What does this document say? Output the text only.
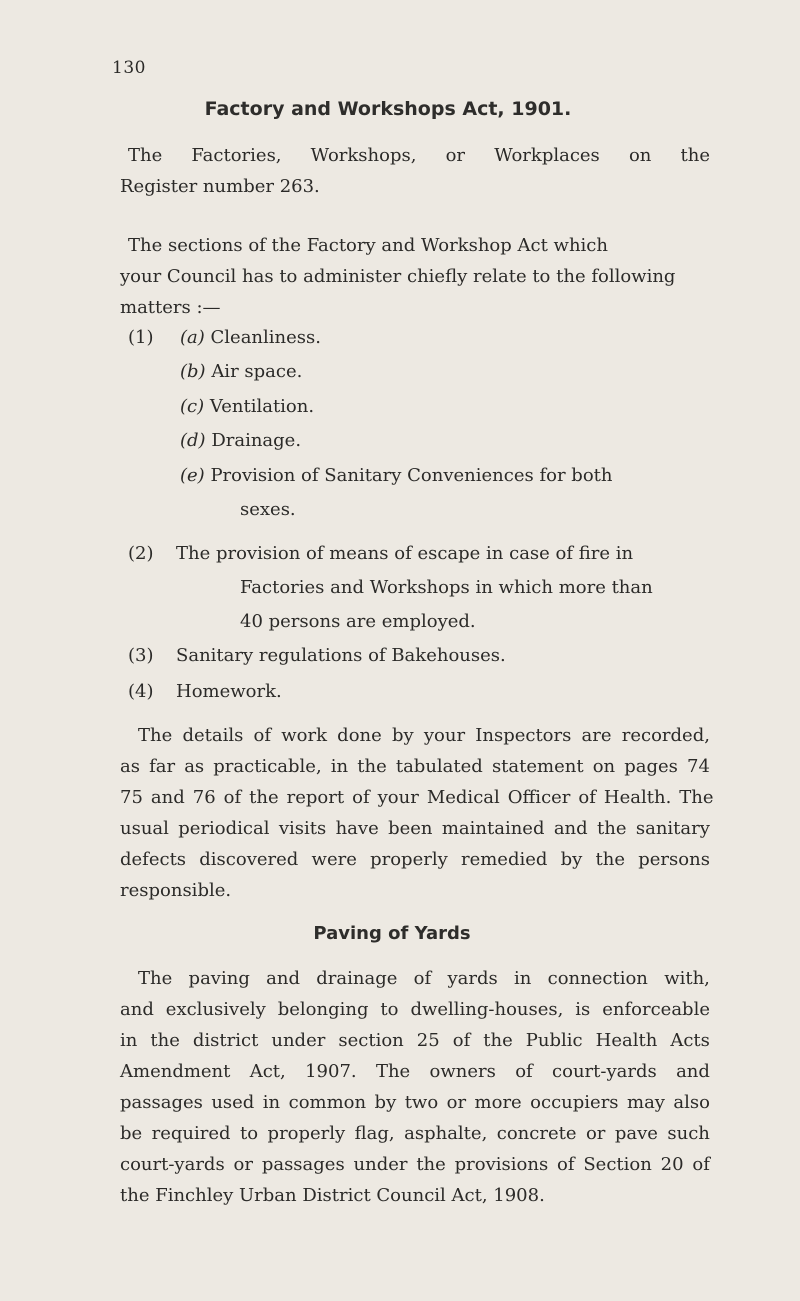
130
Factory and Workshops Act, 1901.
The	Factories,	Workshops,	or	Workplaces	on	the
Register number 263.
The sections of the Factory and Workshop Act which
your Council has to administer chiefly relate to the following
matters :—
(1) (a) Cleanliness.
(b) Air space.
(c) Ventilation.
(d) Drainage.
(e) Provision of Sanitary Conveniences for both
sexes.
(2) The provision of means of escape in case of fire in
Factories and Workshops in which more than
40 persons are employed.
(3) Sanitary regulations of Bakehouses.
(4) Homework.
The details of work done by your Inspectors are recorded,
as far as practicable, in the tabulated statement on pages 74
75 and 76 of the report of your Medical Officer of Health. The
usual periodical visits have been maintained and the sanitary
defects discovered were properly remedied by the persons
responsible.
Paving of Yards
The paving and drainage of yards in connection with,
and exclusively belonging to dwelling-houses, is enforceable
in the district under section 25 of the Public Health Acts
Amendment	Act,	1907.	The	owners	of	court-yards	and
passages used in common by two or more occupiers may also
be required to properly flag, asphalte, concrete or pave such
court-yards or passages under the provisions of Section 20 of
the Finchley Urban District Council Act, 1908.
